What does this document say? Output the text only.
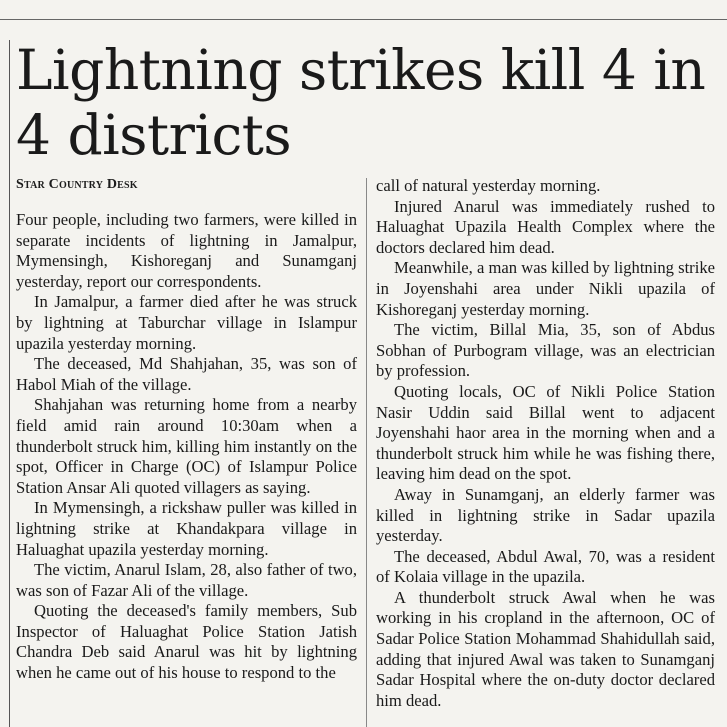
Lightning strikes kill 4 in 4 districts
Star Country Desk

Four people, including two farmers, were killed in separate incidents of lightning in Jamalpur, Mymensingh, Kishoreganj and Sunamganj yesterday, report our correspondents.

In Jamalpur, a farmer died after he was struck by lightning at Taburchar village in Islampur upazila yesterday morning.

The deceased, Md Shahjahan, 35, was son of Habol Miah of the village.

Shahjahan was returning home from a nearby field amid rain around 10:30am when a thunderbolt struck him, killing him instantly on the spot, Officer in Charge (OC) of Islampur Police Station Ansar Ali quoted villagers as saying.

In Mymensingh, a rickshaw puller was killed in lightning strike at Khandakpara village in Haluaghat upazila yesterday morning.

The victim, Anarul Islam, 28, also father of two, was son of Fazar Ali of the village.

Quoting the deceased's family members, Sub Inspector of Haluaghat Police Station Jatish Chandra Deb said Anarul was hit by lightning when he came out of his house to respond to the

call of natural yesterday morning.

Injured Anarul was immediately rushed to Haluaghat Upazila Health Complex where the doctors declared him dead.

Meanwhile, a man was killed by lightning strike in Joyenshahi area under Nikli upazila of Kishoreganj yesterday morning.

The victim, Billal Mia, 35, son of Abdus Sobhan of Purbogram village, was an electrician by profession.

Quoting locals, OC of Nikli Police Station Nasir Uddin said Billal went to adjacent Joyenshahi haor area in the morning when and a thunderbolt struck him while he was fishing there, leaving him dead on the spot.

Away in Sunamganj, an elderly farmer was killed in lightning strike in Sadar upazila yesterday.

The deceased, Abdul Awal, 70, was a resident of Kolaia village in the upazila.

A thunderbolt struck Awal when he was working in his cropland in the afternoon, OC of Sadar Police Station Mohammad Shahidullah said, adding that injured Awal was taken to Sunamganj Sadar Hospital where the on-duty doctor declared him dead.
